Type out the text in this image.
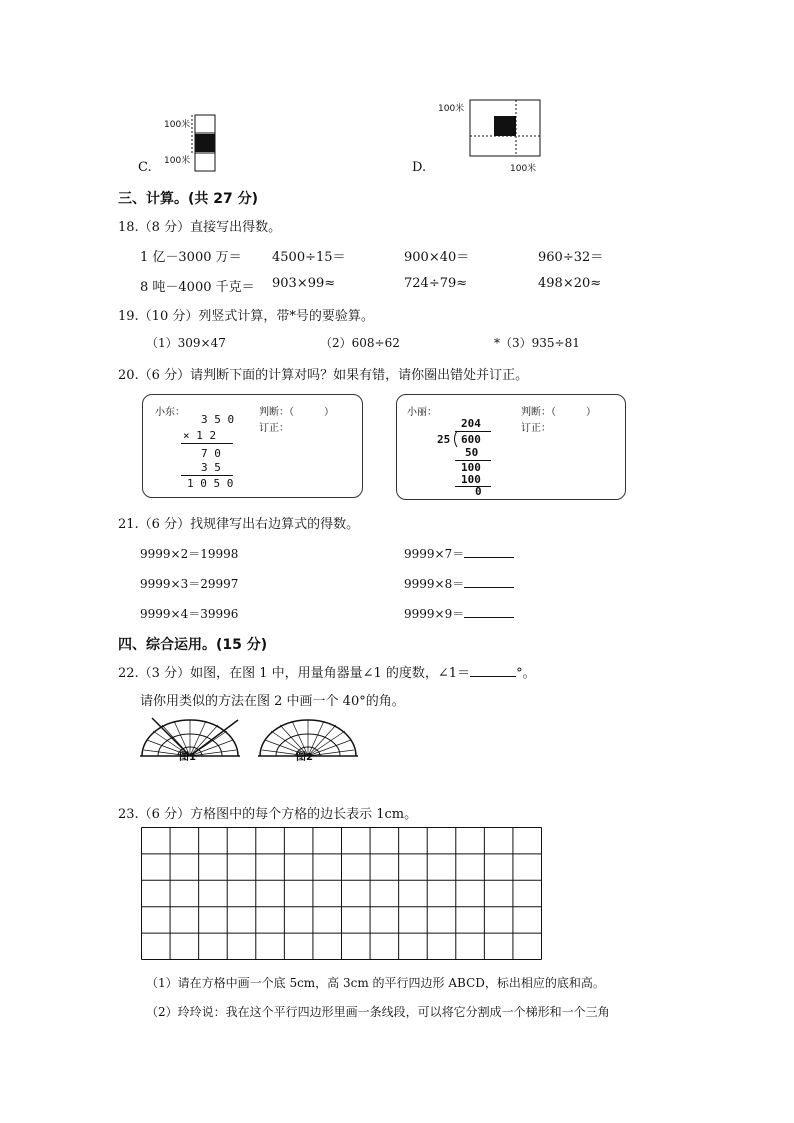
C.
100米
100米	D.
100米
100米
三、计算。(共 27 分)
18.（8 分）直接写出得数。
1 亿－3000 万＝ 4500÷15＝	900×40＝	960÷32＝
8 吨－4000 千克＝ 903×99≈	724÷79≈	498×20≈
19.（10 分）列竖式计算，带*号的要验算。
（1）309×47	（2）608÷62	*（3）935÷81
20.（6 分）请判断下面的计算对吗？如果有错，请你圈出错处并订正。
小东：	判断：（　　　）
订正：
3 5 0
× 1 2
7 0
3 5
1 0 5 0
小丽：	判断：（　　　）
订正：
204
25 600
50
100
100
0
21.（6 分）找规律写出右边算式的得数。
9999×2＝19998
9999×3＝29997
9999×4＝39996
9999×7＝
9999×8＝
9999×9＝
四、综合运用。(15 分)
22.（3 分）如图，在图 1 中，用量角器量∠1 的度数，∠1＝	°。
请你用类似的方法在图 2 中画一个 40°的角。
图1	图2
23.（6 分）方格图中的每个方格的边长表示 1cm。
（1）请在方格中画一个底 5cm，高 3cm 的平行四边形 ABCD，标出相应的底和高。
（2）玲玲说：我在这个平行四边形里画一条线段，可以将它分割成一个梯形和一个三角
